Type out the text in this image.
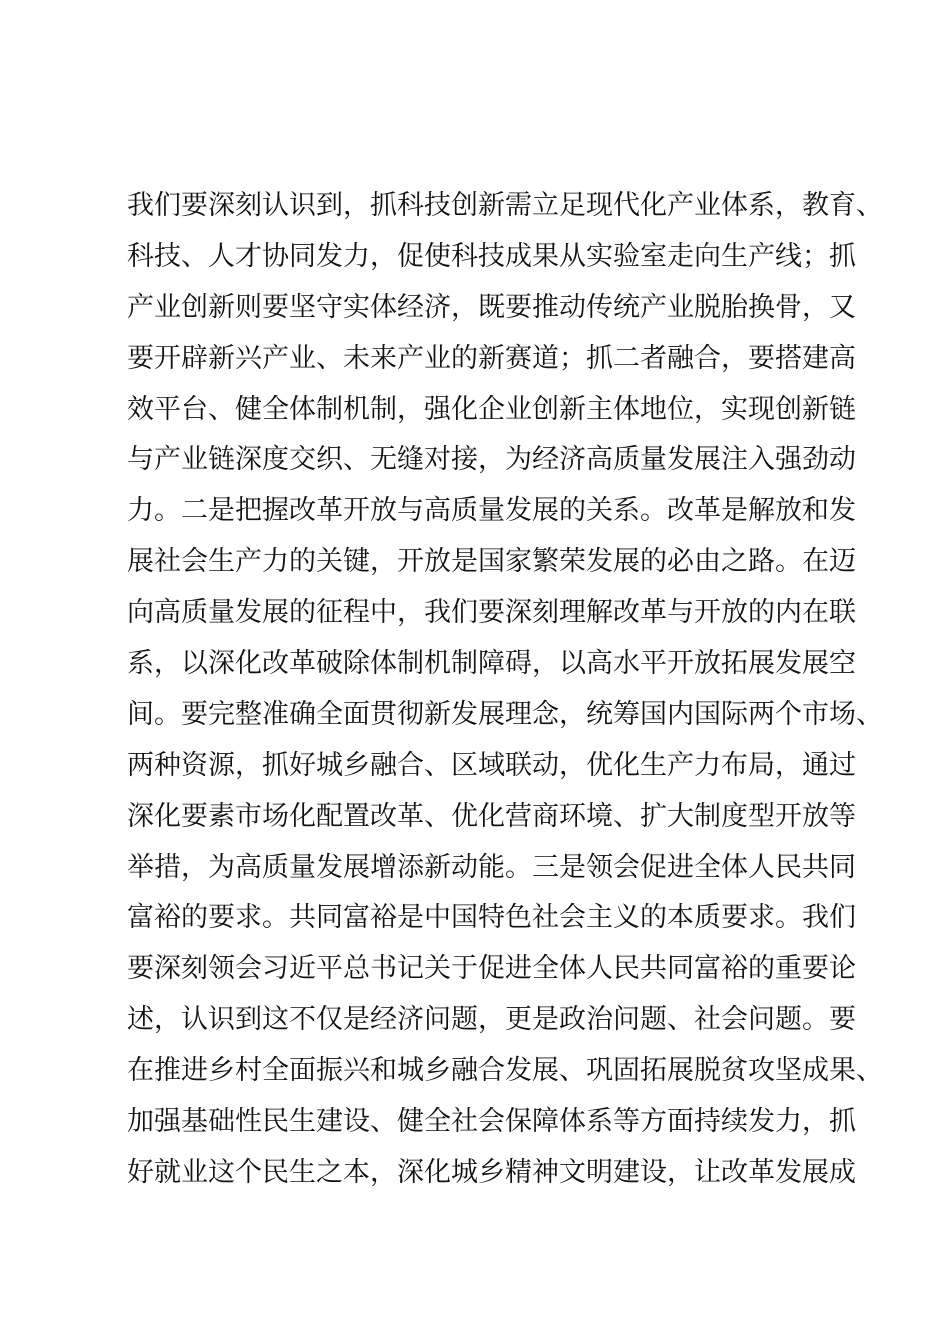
我们要深刻认识到，抓科技创新需立足现代化产业体系，教育、
科技、人才协同发力，促使科技成果从实验室走向生产线；抓
产业创新则要坚守实体经济，既要推动传统产业脱胎换骨，又
要开辟新兴产业、未来产业的新赛道；抓二者融合，要搭建高
效平台、健全体制机制，强化企业创新主体地位，实现创新链
与产业链深度交织、无缝对接，为经济高质量发展注入强劲动
力。二是把握改革开放与高质量发展的关系。改革是解放和发
展社会生产力的关键，开放是国家繁荣发展的必由之路。在迈
向高质量发展的征程中，我们要深刻理解改革与开放的内在联
系，以深化改革破除体制机制障碍，以高水平开放拓展发展空
间。要完整准确全面贯彻新发展理念，统筹国内国际两个市场、
两种资源，抓好城乡融合、区域联动，优化生产力布局，通过
深化要素市场化配置改革、优化营商环境、扩大制度型开放等
举措，为高质量发展增添新动能。三是领会促进全体人民共同
富裕的要求。共同富裕是中国特色社会主义的本质要求。我们
要深刻领会习近平总书记关于促进全体人民共同富裕的重要论
述，认识到这不仅是经济问题，更是政治问题、社会问题。要
在推进乡村全面振兴和城乡融合发展、巩固拓展脱贫攻坚成果、
加强基础性民生建设、健全社会保障体系等方面持续发力，抓
好就业这个民生之本，深化城乡精神文明建设，让改革发展成
